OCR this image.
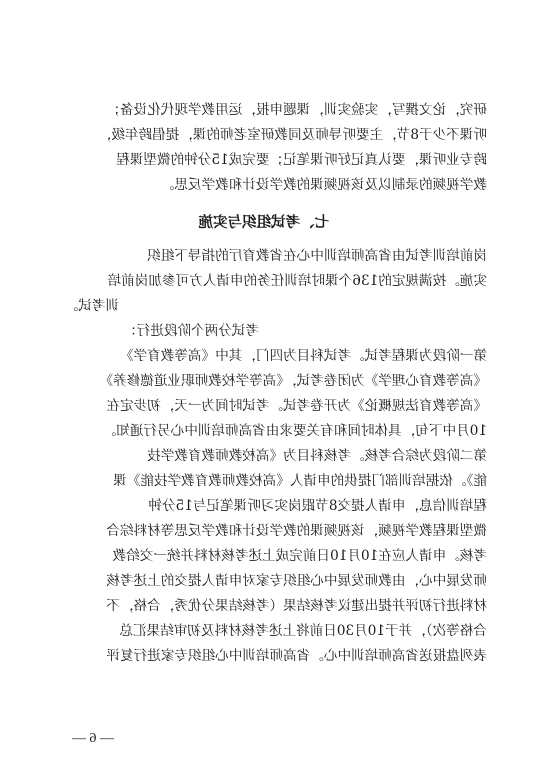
研究，论文撰写，实验实训，课题申报，运用教学现代化设备；
听课不少于8节，主要听导师及同教研室老师的课，提倡跨年级，
跨专业听课，要认真记好听课笔记；要完成15分钟的微型课程
教学视频的录制以及该视频课的教学设计和教学反思。
七、考试组织与实施
岗前培训考试由省高师培训中心在省教育厅的指导下组织
实施。按满规定的136个课时培训任务的申请人方可参加岗前培
训考试。
考试分两个阶段进行：
第一阶段为课程考试。考试科目为四门，其中《高等教育学》
《高等教育心理学》为闭卷考试，《高等学校教师职业道德修养》
《高等教育法规概论》为开卷考试。考试时间为一天，初步定在
10月中下旬，具体时间和有关要求由省高师培训中心另行通知。
第二阶段为综合考核。考核科目为《高校教师教育教学技
能》。依据培训部门提供的申请人《高校教师教育教学技能》课
程培训信息，申请人提交8节跟岗实习听课笔记与15分钟
微型课程教学视频，该视频课的教学设计和教学反思等材料综合
考核。申请人应在10月10日前完成上述考核材料并统一交给教
师发展中心，由教师发展中心组织专家对申请人提交的上述考核
材料进行初评并提出建议考核结果（考核结果分优秀，合格，不
合格等次），并于10月30日前将上述考核材料及初审结果汇总
表列盘报送省高师培训中心。省高师培训中心组织专家进行复评
— 6 —
